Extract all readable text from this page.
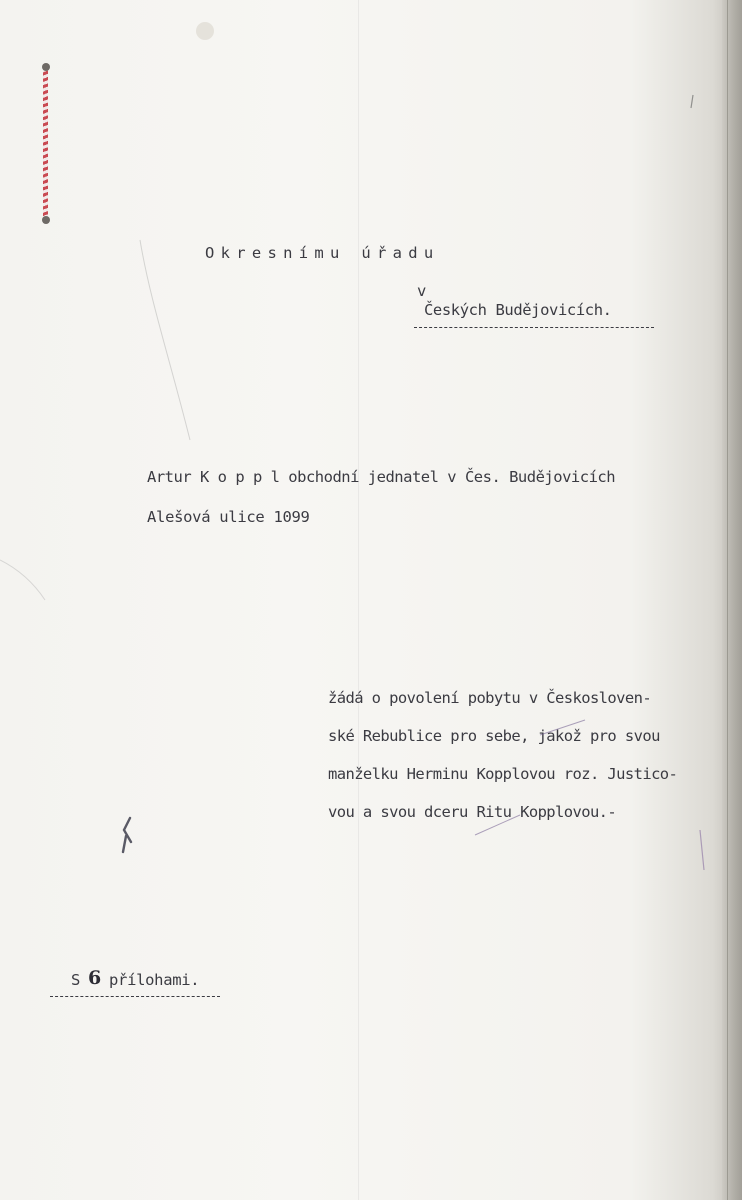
Okresnímu úřadu
v
Českých Budějovicích.
Artur K o p p l obchodní jednatel v Čes. Budějovicích
Alešová ulice 1099
žádá o povolení pobytu v Českosloven-
ské Rebublice pro sebe, jakož pro svou
manželku Herminu Kopplovou roz. Justico-
vou a svou dceru Ritu Kopplovou.-
S 6 přílohami.
